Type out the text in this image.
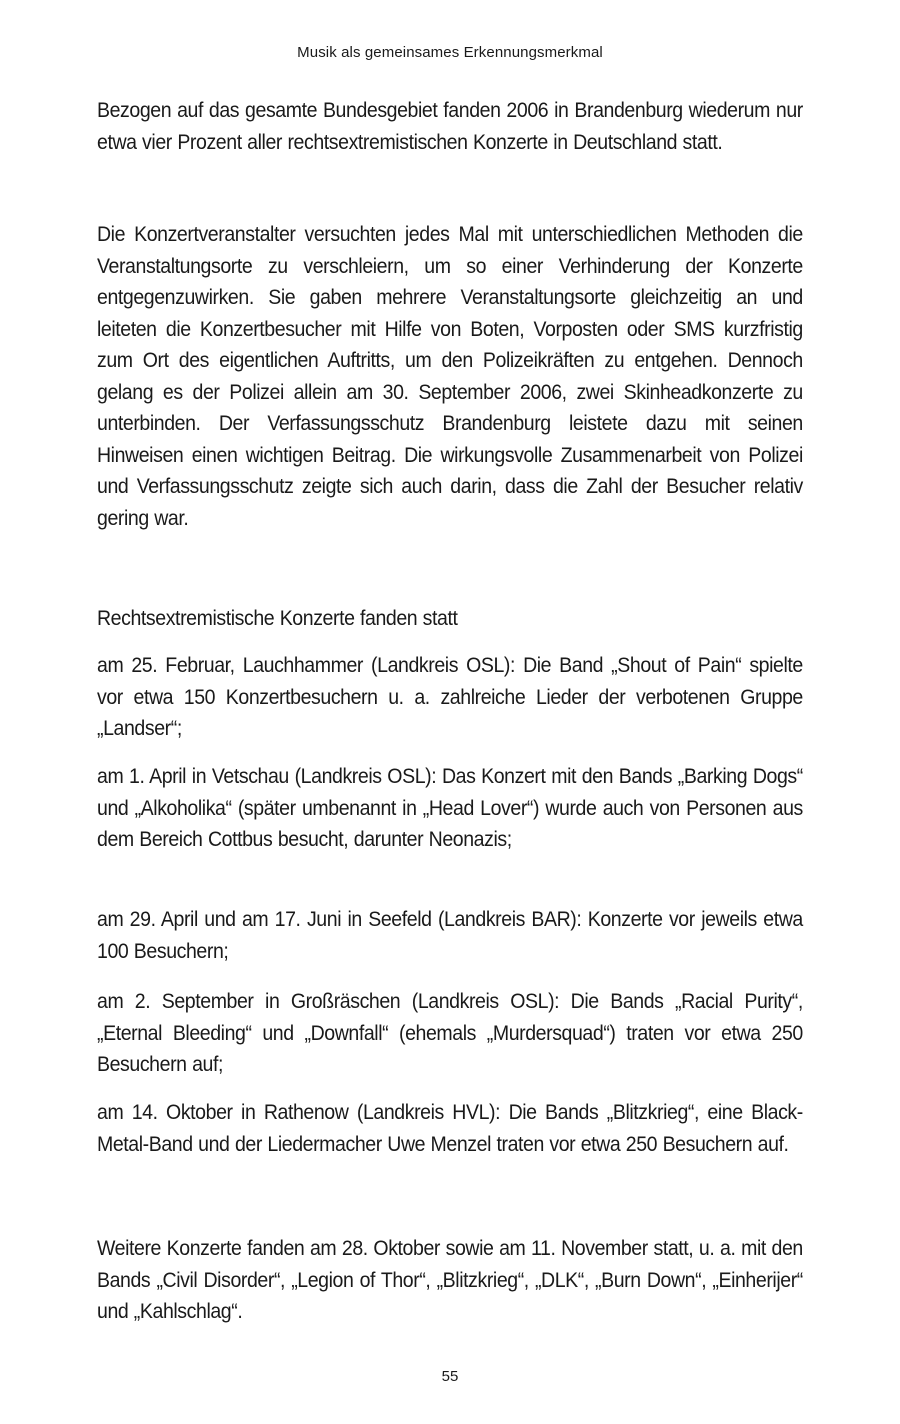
Musik als gemeinsames Erkennungsmerkmal

Bezogen auf das gesamte Bundesgebiet fanden 2006 in Brandenburg wiederum nur etwa vier Prozent aller rechtsextremistischen Konzerte in Deutschland statt.

Die Konzertveranstalter versuchten jedes Mal mit unterschiedlichen Methoden die Veranstaltungsorte zu verschleiern, um so einer Verhinderung der Konzerte entgegenzuwirken. Sie gaben mehrere Veranstaltungsorte gleichzeitig an und leiteten die Konzertbesucher mit Hilfe von Boten, Vorposten oder SMS kurzfristig zum Ort des eigentlichen Auftritts, um den Polizeikräften zu entgehen. Dennoch gelang es der Polizei allein am 30. September 2006, zwei Skinheadkonzerte zu unterbinden. Der Verfassungsschutz Brandenburg leistete dazu mit seinen Hinweisen einen wichtigen Beitrag. Die wirkungsvolle Zusammenarbeit von Polizei und Verfassungsschutz zeigte sich auch darin, dass die Zahl der Besucher relativ gering war.

Rechtsextremistische Konzerte fanden statt

am 25. Februar, Lauchhammer (Landkreis OSL): Die Band „Shout of Pain“ spielte vor etwa 150 Konzertbesuchern u. a. zahlreiche Lieder der verbotenen Gruppe „Landser“;

am 1. April in Vetschau (Landkreis OSL): Das Konzert mit den Bands „Barking Dogs“ und „Alkoholika“ (später umbenannt in „Head Lover“) wurde auch von Personen aus dem Bereich Cottbus besucht, darunter Neonazis;

am 29. April und am 17. Juni in Seefeld (Landkreis BAR): Konzerte vor jeweils etwa 100 Besuchern;

am 2. September in Großräschen (Landkreis OSL): Die Bands „Racial Purity“, „Eternal Bleeding“ und „Downfall“ (ehemals „Murdersquad“) traten vor etwa 250 Besuchern auf;

am 14. Oktober in Rathenow (Landkreis HVL): Die Bands „Blitzkrieg“, eine Black-Metal-Band und der Liedermacher Uwe Menzel traten vor etwa 250 Besuchern auf.

Weitere Konzerte fanden am 28. Oktober sowie am 11. November statt, u. a. mit den Bands „Civil Disorder“, „Legion of Thor“, „Blitzkrieg“, „DLK“, „Burn Down“, „Einherijer“ und „Kahlschlag“.

55
